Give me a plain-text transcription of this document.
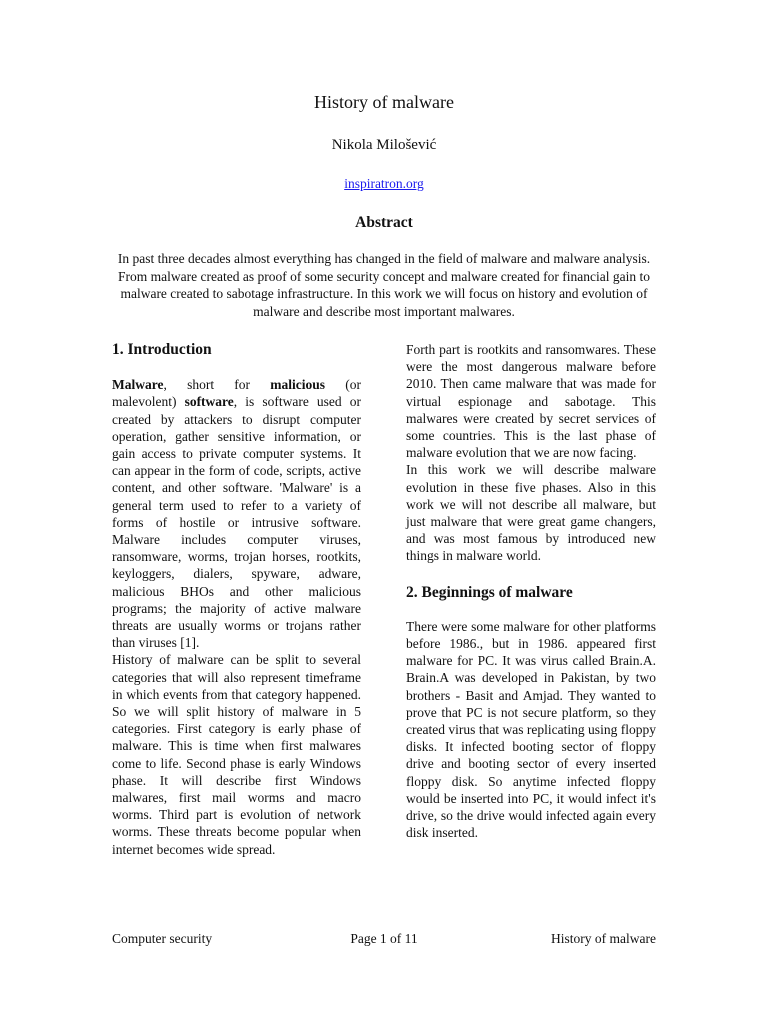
History of malware
Nikola Milošević
inspiratron.org
Abstract
In past three decades almost everything has changed in the field of malware and malware analysis. From malware created as proof of some security concept and malware created for financial gain to malware created to sabotage infrastructure. In this work we will focus on history and evolution of malware and describe most important malwares.
1. Introduction

Malware, short for malicious (or malevolent) software, is software used or created by attackers to disrupt computer operation, gather sensitive information, or gain access to private computer systems. It can appear in the form of code, scripts, active content, and other software. 'Malware' is a general term used to refer to a variety of forms of hostile or intrusive software. Malware includes computer viruses, ransomware, worms, trojan horses, rootkits, keyloggers, dialers, spyware, adware, malicious BHOs and other malicious programs; the majority of active malware threats are usually worms or trojans rather than viruses [1].

History of malware can be split to several categories that will also represent timeframe in which events from that category happened. So we will split history of malware in 5 categories. First category is early phase of malware. This is time when first malwares come to life. Second phase is early Windows phase. It will describe first Windows malwares, first mail worms and macro worms. Third part is evolution of network worms. These threats become popular when internet becomes wide spread.

Forth part is rootkits and ransomwares. These were the most dangerous malware before 2010. Then came malware that was made for virtual espionage and sabotage. This malwares were created by secret services of some countries. This is the last phase of malware evolution that we are now facing.

In this work we will describe malware evolution in these five phases. Also in this work we will not describe all malware, but just malware that were great game changers, and was most famous by introduced new things in malware world.

2. Beginnings of malware

There were some malware for other platforms before 1986., but in 1986. appeared first malware for PC. It was virus called Brain.A. Brain.A was developed in Pakistan, by two brothers - Basit and Amjad. They wanted to prove that PC is not secure platform, so they created virus that was replicating using floppy disks. It infected booting sector of floppy drive and booting sector of every inserted floppy disk. So anytime infected floppy would be inserted into PC, it would infect it's drive, so the drive would infected again every disk inserted.

Computer security	Page 1 of 11	History of malware
